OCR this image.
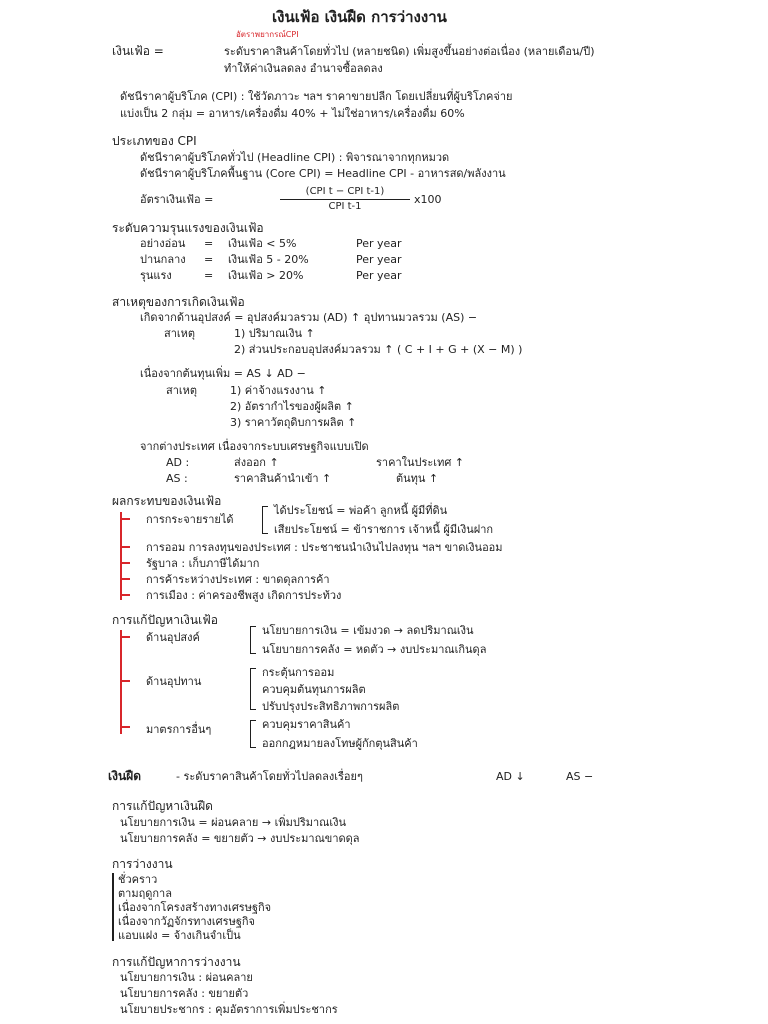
เงินเฟ้อ เงินฝืด การว่างงาน
อัตราพยากรณ์CPI
เงินเฟ้อ =	ระดับราคาสินค้าโดยทั่วไป (หลายชนิด) เพิ่มสูงขึ้นอย่างต่อเนื่อง (หลายเดือน/ปี)
ทำให้ค่าเงินลดลง อำนาจซื้อลดลง
ดัชนีราคาผู้บริโภค (CPI) : ใช้วัดภาวะ ฯลฯ ราคาขายปลีก โดยเปลี่ยนที่ผู้บริโภคจ่าย
แบ่งเป็น 2 กลุ่ม = อาหาร/เครื่องดื่ม 40% + ไม่ใช่อาหาร/เครื่องดื่ม 60%
ประเภทของ CPI
ดัชนีราคาผู้บริโภคทั่วไป (Headline CPI) : พิจารณาจากทุกหมวด
ดัชนีราคาผู้บริโภคพื้นฐาน (Core CPI) = Headline CPI - อาหารสด/พลังงาน
อัตราเงินเฟ้อ =
(CPI t − CPI t-1)
CPI t-1
x100
ระดับความรุนแรงของเงินเฟ้อ
อย่างอ่อน = เงินเฟ้อ < 5%	Per year
ปานกลาง = เงินเฟ้อ 5 - 20%	Per year
รุนแรง	= เงินเฟ้อ > 20%	Per year
สาเหตุของการเกิดเงินเฟ้อ
เกิดจากด้านอุปสงค์ = อุปสงค์มวลรวม (AD) ↑ อุปทานมวลรวม (AS) −
สาเหตุ	1) ปริมาณเงิน ↑
2) ส่วนประกอบอุปสงค์มวลรวม ↑ ( C + I + G + (X − M) )
เนื่องจากต้นทุนเพิ่ม = AS ↓ AD −
สาเหตุ	1) ค่าจ้างแรงงาน ↑
2) อัตรากำไรของผู้ผลิต ↑
3) ราคาวัตถุดิบการผลิต ↑
จากต่างประเทศ เนื่องจากระบบเศรษฐกิจแบบเปิด
AD :	ส่งออก ↑	ราคาในประเทศ ↑
AS :	ราคาสินค้านำเข้า ↑	ต้นทุน ↑
ผลกระทบของเงินเฟ้อ
การกระจายรายได้
ได้ประโยชน์ = พ่อค้า ลูกหนี้ ผู้มีที่ดิน
เสียประโยชน์ = ข้าราชการ เจ้าหนี้ ผู้มีเงินฝาก
การออม การลงทุนของประเทศ : ประชาชนนำเงินไปลงทุน ฯลฯ ขาดเงินออม
รัฐบาล : เก็บภาษีได้มาก
การค้าระหว่างประเทศ : ขาดดุลการค้า
การเมือง : ค่าครองชีพสูง เกิดการประท้วง
การแก้ปัญหาเงินเฟ้อ
ด้านอุปสงค์
นโยบายการเงิน = เข้มงวด → ลดปริมาณเงิน
นโยบายการคลัง = หดตัว → งบประมาณเกินดุล
ด้านอุปทาน
กระตุ้นการออม
ควบคุมต้นทุนการผลิต
ปรับปรุงประสิทธิภาพการผลิต
มาตรการอื่นๆ	ควบคุมราคาสินค้า
ออกกฎหมายลงโทษผู้กักตุนสินค้า
เงินฝืด	- ระดับราคาสินค้าโดยทั่วไปลดลงเรื่อยๆ	AD ↓	AS −
การแก้ปัญหาเงินฝืด
นโยบายการเงิน = ผ่อนคลาย → เพิ่มปริมาณเงิน
นโยบายการคลัง = ขยายตัว → งบประมาณขาดดุล
การว่างงาน
ชั่วคราว
ตามฤดูกาล
เนื่องจากโครงสร้างทางเศรษฐกิจ
เนื่องจากวัฏจักรทางเศรษฐกิจ
แอบแฝง = จ้างเกินจำเป็น
การแก้ปัญหาการว่างงาน
นโยบายการเงิน : ผ่อนคลาย
นโยบายการคลัง : ขยายตัว
นโยบายประชากร : คุมอัตราการเพิ่มประชากร
